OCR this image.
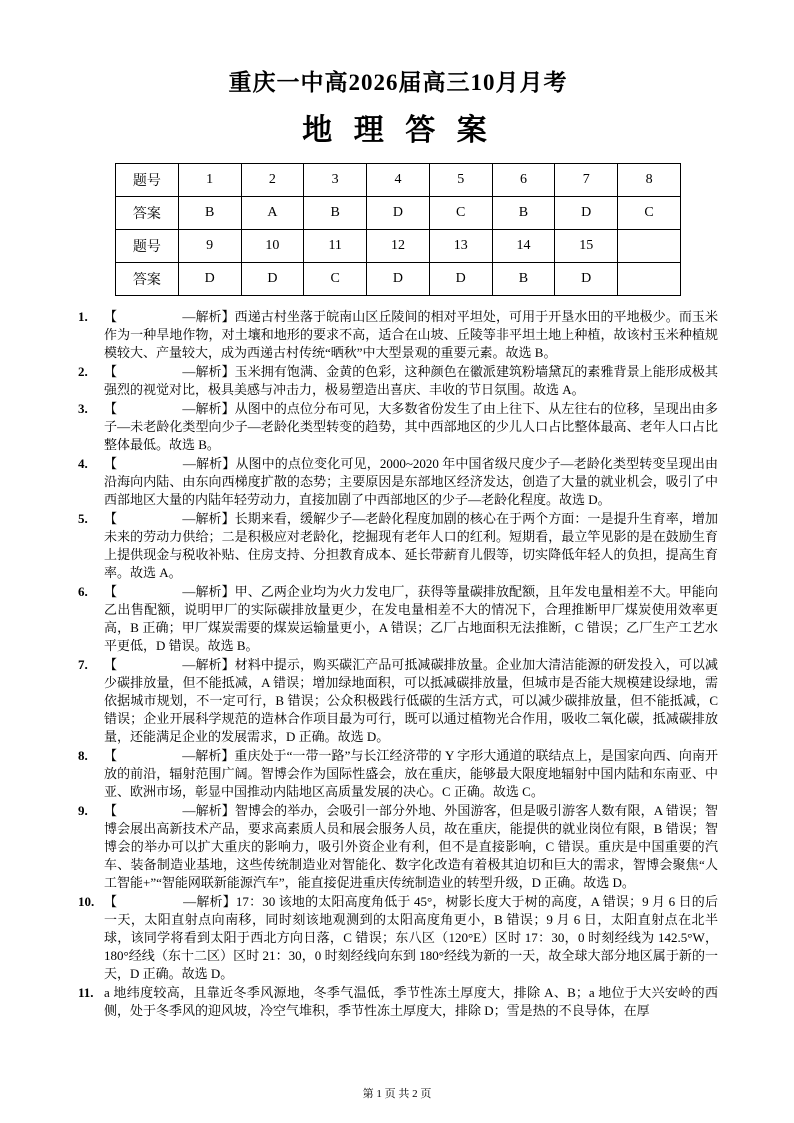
重庆一中高2026届高三10月月考
地 理 答 案
题号	1	2	3	4	5	6	7	8
答案	B	A	B	D	C	B	D	C
题号	9	10	11	12	13	14	15	
答案	D	D	C	D	D	B	D	
1.	【　　　　　—解析】西递古村坐落于皖南山区丘陵间的相对平坦处，可用于开垦水田的平地极少。而玉米作为一种旱地作物，对土壤和地形的要求不高，适合在山坡、丘陵等非平坦土地上种植，故该村玉米种植规模较大、产量较大，成为西递古村传统“晒秋”中大型景观的重要元素。故选 B。
2.	【　　　　　—解析】玉米拥有饱满、金黄的色彩，这种颜色在徽派建筑粉墙黛瓦的素雅背景上能形成极其强烈的视觉对比，极具美感与冲击力，极易塑造出喜庆、丰收的节日氛围。故选 A。
3.	【　　　　　—解析】从图中的点位分布可见，大多数省份发生了由上往下、从左往右的位移，呈现出由多子—未老龄化类型向少子—老龄化类型转变的趋势，其中西部地区的少儿人口占比整体最高、老年人口占比整体最低。故选 B。
4.	【　　　　　—解析】从图中的点位变化可见，2000~2020 年中国省级尺度少子—老龄化类型转变呈现出由沿海向内陆、由东向西梯度扩散的态势；主要原因是东部地区经济发达，创造了大量的就业机会，吸引了中西部地区大量的内陆年轻劳动力，直接加剧了中西部地区的少子—老龄化程度。故选 D。
5.	【　　　　　—解析】长期来看，缓解少子—老龄化程度加剧的核心在于两个方面：一是提升生育率，增加未来的劳动力供给；二是积极应对老龄化，挖掘现有老年人口的红利。短期看，最立竿见影的是在鼓励生育上提供现金与税收补贴、住房支持、分担教育成本、延长带薪育儿假等，切实降低年轻人的负担，提高生育率。故选 A。
6.	【　　　　　—解析】甲、乙两企业均为火力发电厂，获得等量碳排放配额，且年发电量相差不大。甲能向乙出售配额，说明甲厂的实际碳排放量更少，在发电量相差不大的情况下，合理推断甲厂煤炭使用效率更高，B 正确；甲厂煤炭需要的煤炭运输量更小，A 错误；乙厂占地面积无法推断，C 错误；乙厂生产工艺水平更低，D 错误。故选 B。
7.	【　　　　　—解析】材料中提示，购买碳汇产品可抵减碳排放量。企业加大清洁能源的研发投入，可以减少碳排放量，但不能抵减，A 错误；增加绿地面积，可以抵减碳排放量，但城市是否能大规模建设绿地，需依据城市规划，不一定可行，B 错误；公众积极践行低碳的生活方式，可以减少碳排放量，但不能抵减，C 错误；企业开展科学规范的造林合作项目最为可行，既可以通过植物光合作用，吸收二氧化碳，抵减碳排放量，还能满足企业的发展需求，D 正确。故选 D。
8.	【　　　　　—解析】重庆处于“一带一路”与长江经济带的 Y 字形大通道的联结点上，是国家向西、向南开放的前沿，辐射范围广阔。智博会作为国际性盛会，放在重庆，能够最大限度地辐射中国内陆和东南亚、中亚、欧洲市场，彰显中国推动内陆地区高质量发展的决心。C 正确。故选 C。
9.	【　　　　　—解析】智博会的举办，会吸引一部分外地、外国游客，但是吸引游客人数有限，A 错误；智博会展出高新技术产品，要求高素质人员和展会服务人员，故在重庆，能提供的就业岗位有限，B 错误；智博会的举办可以扩大重庆的影响力，吸引外资企业有利，但不是直接影响，C 错误。重庆是中国重要的汽车、装备制造业基地，这些传统制造业对智能化、数字化改造有着极其迫切和巨大的需求，智博会聚焦“人工智能+”“智能网联新能源汽车”，能直接促进重庆传统制造业的转型升级，D 正确。故选 D。
10. 【　　　　　—解析】17：30 该地的太阳高度角低于 45°，树影长度大于树的高度，A 错误；9 月 6 日的后一天，太阳直射点向南移，同时刻该地观测到的太阳高度角更小，B 错误；9 月 6 日，太阳直射点在北半球，该同学将看到太阳于西北方向日落，C 错误；东八区（120°E）区时 17：30，0 时刻经线为 142.5°W，180°经线（东十二区）区时 21：30，0 时刻经线向东到 180°经线为新的一天，故全球大部分地区属于新的一天，D 正确。故选 D。
11. a 地纬度较高，且靠近冬季风源地，冬季气温低，季节性冻土厚度大，排除 A、B；a 地位于大兴安岭的西侧，处于冬季风的迎风坡，冷空气堆积，季节性冻土厚度大，排除 D；雪是热的不良导体，在厚
第 1 页 共 2 页
